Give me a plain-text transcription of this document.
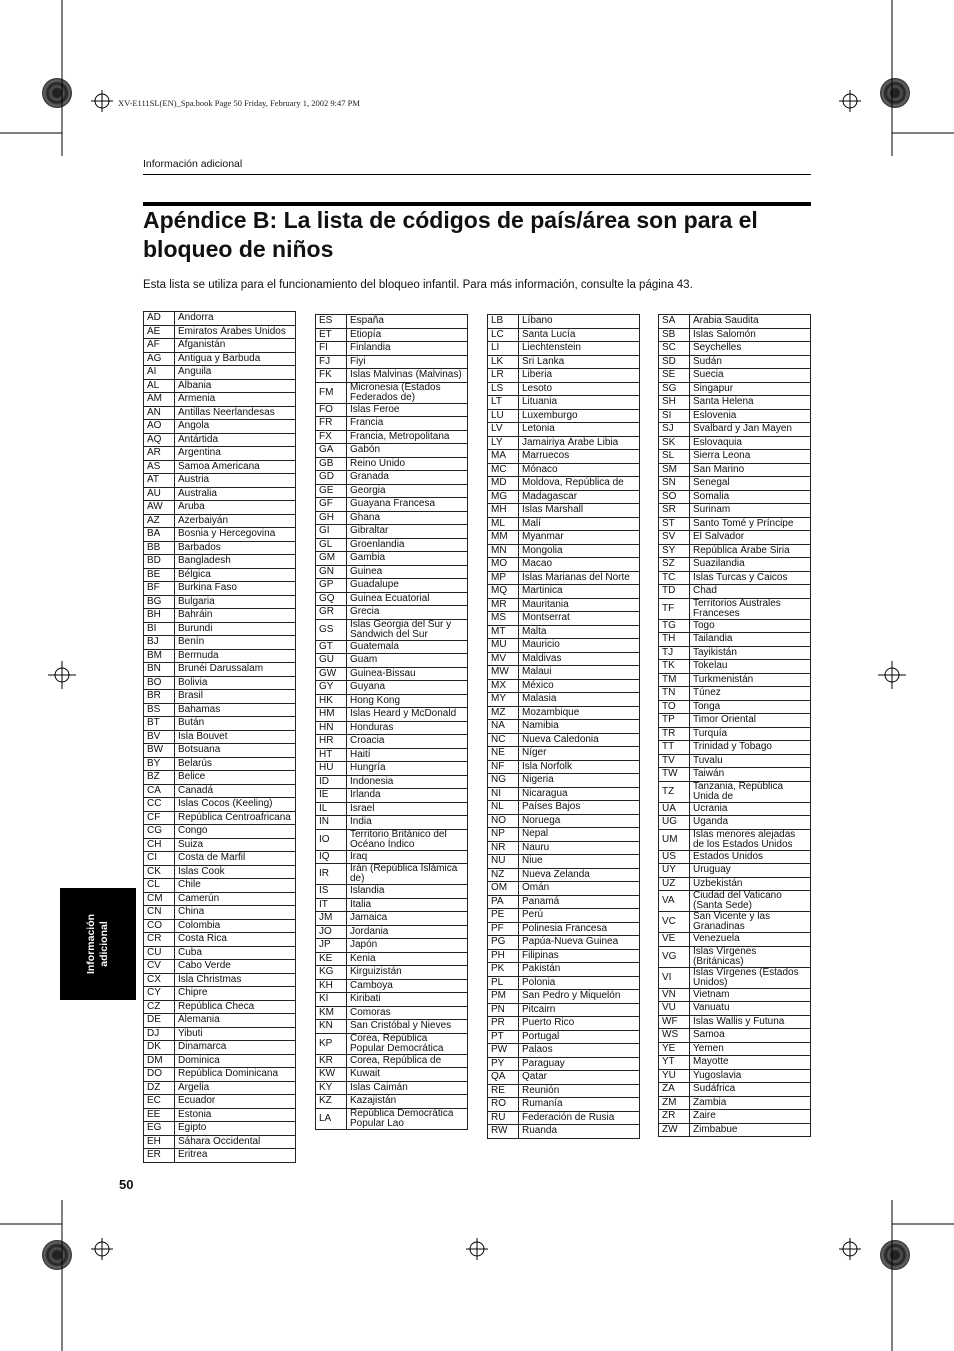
XV-E111SL(EN)_Spa.book Page 50 Friday, February 1, 2002 9:47 PM
Información adicional
Apéndice B: La lista de códigos de país/área son para el bloqueo de niños
Esta lista se utiliza para el funcionamiento del bloqueo infantil. Para más información, consulte la página 43.
AD	Andorra
AE	Emiratos Árabes Unidos
AF	Afganistán
AG	Antigua y Barbuda
AI	Anguila
AL	Albania
AM	Armenia
AN	Antillas Neerlandesas
AO	Angola
AQ	Antártida
AR	Argentina
AS	Samoa Americana
AT	Austria
AU	Australia
AW	Aruba
AZ	Azerbaiyán
BA	Bosnia y Hercegovina
BB	Barbados
BD	Bangladesh
BE	Bélgica
BF	Burkina Faso
BG	Bulgaria
BH	Bahráin
BI	Burundi
BJ	Benín
BM	Bermuda
BN	Brunéi Darussalam
BO	Bolivia
BR	Brasil
BS	Bahamas
BT	Bután
BV	Isla Bouvet
BW	Botsuana
BY	Belarús
BZ	Belice
CA	Canadá
CC	Islas Cocos (Keeling)
CF	República Centroafricana
CG	Congo
CH	Suiza
CI	Costa de Marfil
CK	Islas Cook
CL	Chile
CM	Camerún
CN	China
CO	Colombia
CR	Costa Rica
CU	Cuba
CV	Cabo Verde
CX	Isla Christmas
CY	Chipre
CZ	República Checa
DE	Alemania
DJ	Yibuti
DK	Dinamarca
DM	Dominica
DO	República Dominicana
DZ	Argelia
EC	Ecuador
EE	Estonia
EG	Egipto
EH	Sáhara Occidental
ER	Eritrea
ES	España
ET	Etiopía
FI	Finlandia
FJ	Fiyi
FK	Islas Malvinas (Malvinas)
FM	Micronesia (Estados Federados de)
FO	Islas Feroe
FR	Francia
FX	Francia, Metropolitana
GA	Gabón
GB	Reino Unido
GD	Granada
GE	Georgia
GF	Guayana Francesa
GH	Ghana
GI	Gibraltar
GL	Groenlandia
GM	Gambia
GN	Guinea
GP	Guadalupe
GQ	Guinea Ecuatorial
GR	Grecia
GS	Islas Georgia del Sur y Sandwich del Sur
GT	Guatemala
GU	Guam
GW	Guinea-Bissau
GY	Guyana
HK	Hong Kong
HM	Islas Heard y McDonald
HN	Honduras
HR	Croacia
HT	Haití
HU	Hungría
ID	Indonesia
IE	Irlanda
IL	Israel
IN	India
IO	Territorio Británico del Océano Índico
IQ	Iraq
IR	Irán (República Islámica de)
IS	Islandia
IT	Italia
JM	Jamaica
JO	Jordania
JP	Japón
KE	Kenia
KG	Kirguizistán
KH	Camboya
KI	Kiribati
KM	Comoras
KN	San Cristóbal y Nieves
KP	Corea, República Popular Democrática
KR	Corea, República de
KW	Kuwait
KY	Islas Caimán
KZ	Kazajistán
LA	República Democrática Popular Lao
LB	Líbano
LC	Santa Lucía
LI	Liechtenstein
LK	Sri Lanka
LR	Liberia
LS	Lesoto
LT	Lituania
LU	Luxemburgo
LV	Letonia
LY	Jamairiya Árabe Libia
MA	Marruecos
MC	Mónaco
MD	Moldova, República de
MG	Madagascar
MH	Islas Marshall
ML	Malí
MM	Myanmar
MN	Mongolia
MO	Macao
MP	Islas Marianas del Norte
MQ	Martinica
MR	Mauritania
MS	Montserrat
MT	Malta
MU	Mauricio
MV	Maldivas
MW	Malaui
MX	México
MY	Malasia
MZ	Mozambique
NA	Namibia
NC	Nueva Caledonia
NE	Níger
NF	Isla Norfolk
NG	Nigeria
NI	Nicaragua
NL	Países Bajos
NO	Noruega
NP	Nepal
NR	Nauru
NU	Niue
NZ	Nueva Zelanda
OM	Omán
PA	Panamá
PE	Perú
PF	Polinesia Francesa
PG	Papúa-Nueva Guinea
PH	Filipinas
PK	Pakistán
PL	Polonia
PM	San Pedro y Miquelón
PN	Pitcairn
PR	Puerto Rico
PT	Portugal
PW	Palaos
PY	Paraguay
QA	Qatar
RE	Reunión
RO	Rumanía
RU	Federación de Rusia
RW	Ruanda
SA	Arabia Saudita
SB	Islas Salomón
SC	Seychelles
SD	Sudán
SE	Suecia
SG	Singapur
SH	Santa Helena
SI	Eslovenia
SJ	Svalbard y Jan Mayen
SK	Eslovaquia
SL	Sierra Leona
SM	San Marino
SN	Senegal
SO	Somalia
SR	Surinam
ST	Santo Tomé y Príncipe
SV	El Salvador
SY	República Árabe Siria
SZ	Suazilandia
TC	Islas Turcas y Caicos
TD	Chad
TF	Territorios Australes Franceses
TG	Togo
TH	Tailandia
TJ	Tayikistán
TK	Tokelau
TM	Turkmenistán
TN	Túnez
TO	Tonga
TP	Timor Oriental
TR	Turquía
TT	Trinidad y Tobago
TV	Tuvalu
TW	Taiwán
TZ	Tanzania, República Unida de
UA	Ucrania
UG	Uganda
UM	Islas menores alejadas de los Estados Unidos
US	Estados Unidos
UY	Uruguay
UZ	Uzbekistán
VA	Ciudad del Vaticano (Santa Sede)
VC	San Vicente y las Granadinas
VE	Venezuela
VG	Islas Vírgenes (Británicas)
VI	Islas Vírgenes (Estados Unidos)
VN	Vietnam
VU	Vanuatu
WF	Islas Wallis y Futuna
WS	Samoa
YE	Yemen
YT	Mayotte
YU	Yugoslavia
ZA	Sudáfrica
ZM	Zambia
ZR	Zaire
ZW	Zimbabue
Información adicional
50
